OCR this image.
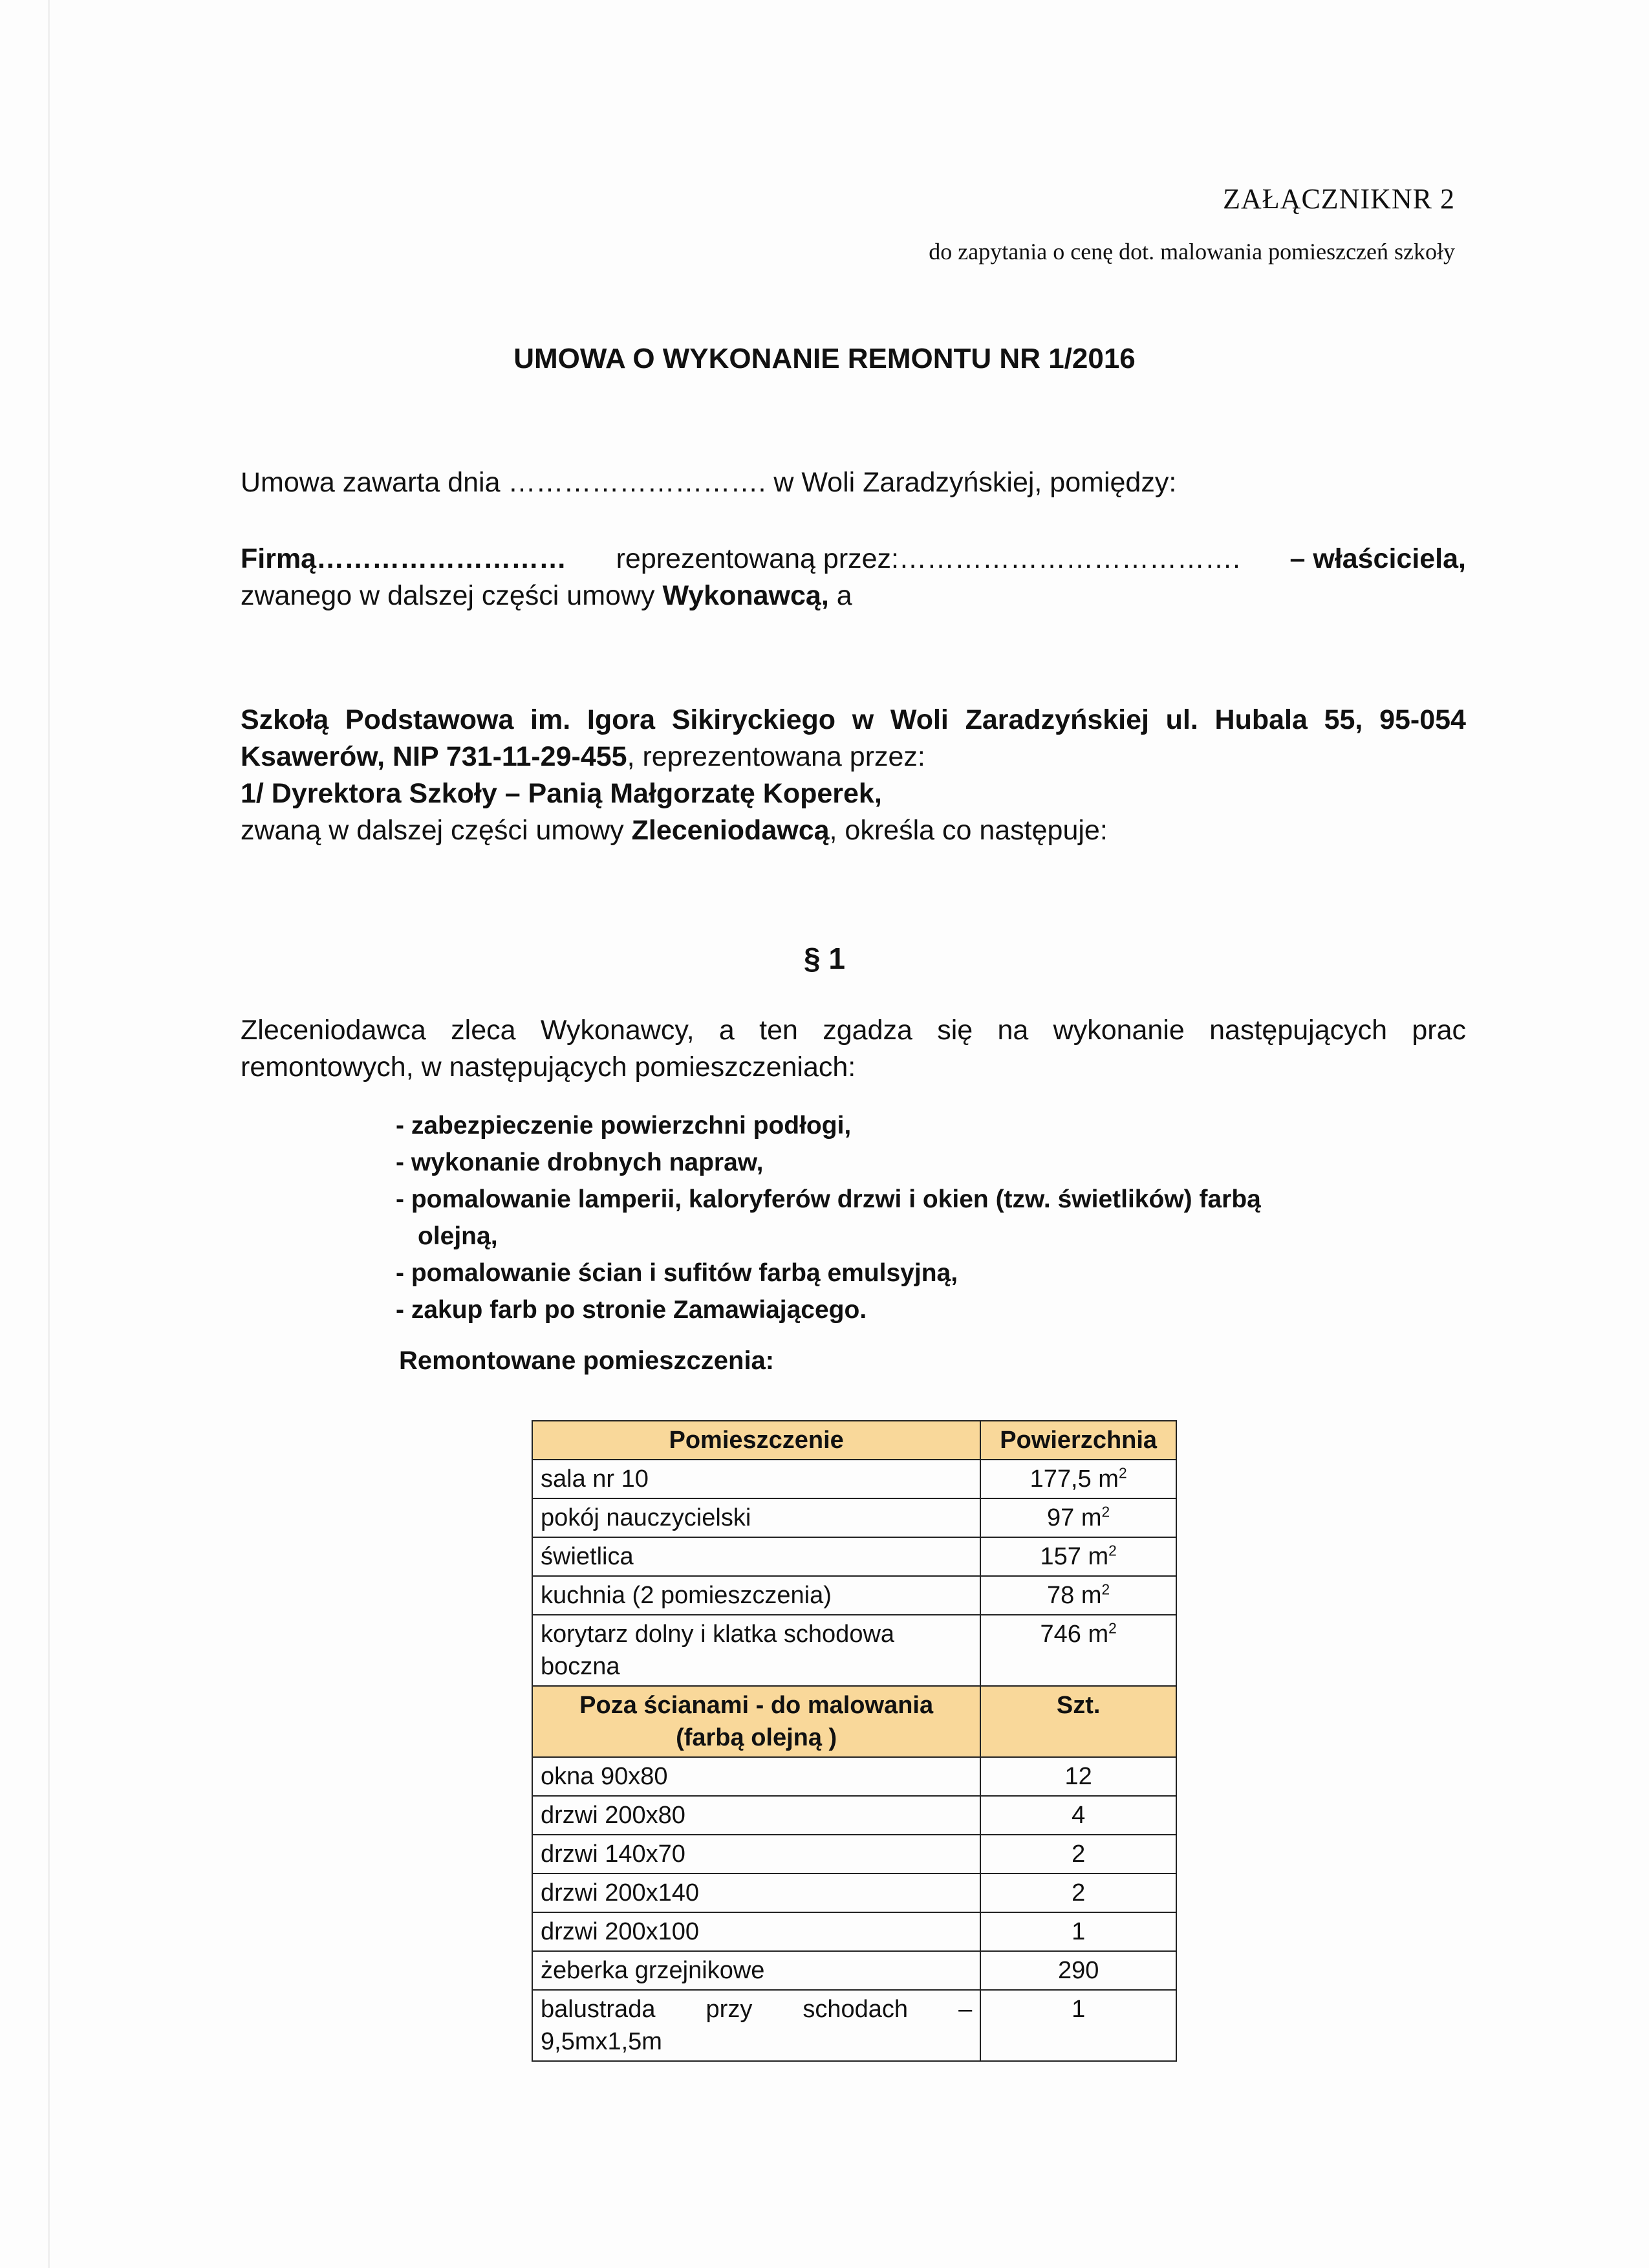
ZAŁĄCZNIKNR 2
do zapytania o cenę dot. malowania pomieszczeń szkoły
UMOWA O WYKONANIE REMONTU NR 1/2016
Umowa zawarta dnia ………………………. w Woli Zaradzyńskiej, pomiędzy:
Firmą……………………… reprezentowaną przez:………………………………. – właściciela,
zwanego w dalszej części umowy Wykonawcą, a
Szkołą Podstawowa im. Igora Sikiryckiego w Woli Zaradzyńskiej ul. Hubala 55, 95-054
Ksawerów, NIP 731-11-29-455, reprezentowana przez:
1/ Dyrektora Szkoły – Panią Małgorzatę Koperek,
zwaną w dalszej części umowy Zleceniodawcą, określa co następuje:
§ 1
Zleceniodawca zleca Wykonawcy, a ten zgadza się na wykonanie następujących prac
remontowych, w następujących pomieszczeniach:
- zabezpieczenie powierzchni podłogi,
- wykonanie drobnych napraw,
- pomalowanie lamperii, kaloryferów drzwi i okien (tzw. świetlików) farbą
olejną,
- pomalowanie ścian i sufitów farbą emulsyjną,
- zakup farb po stronie Zamawiającego.
Remontowane pomieszczenia:
Pomieszczenie	Powierzchnia
sala nr 10	177,5 $m^2$
pokój nauczycielski	97 $m^2$
świetlica	157 $m^2$
kuchnia (2 pomieszczenia)	78 $m^2$
korytarz dolny i klatka schodowa boczna	746 $m^2$

Poza ścianami - do malowania
(farbą olejną )	Szt.
okna 90x80	12
drzwi 200x80	4
drzwi 140x70	2
drzwi 200x140	2
drzwi 200x100	1
żeberka grzejnikowe	290

balustrada przy schodach –
9,5mx1,5m	1
